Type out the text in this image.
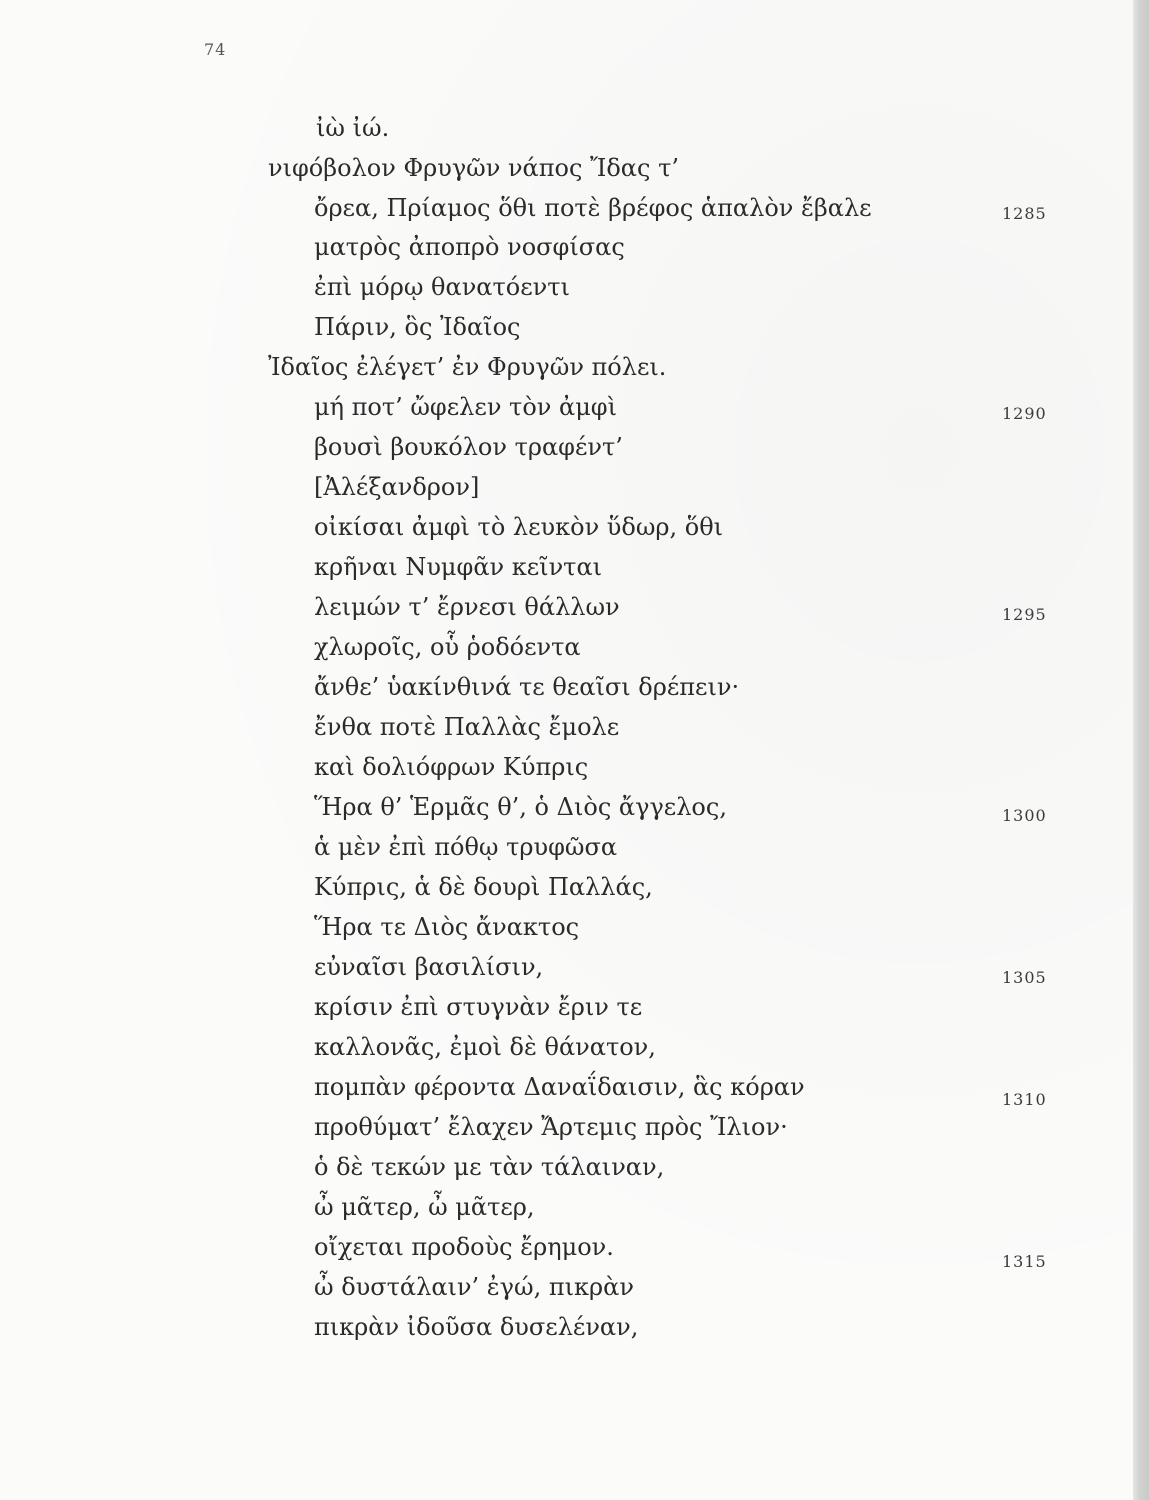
74
ἰὼ ἰώ.
νιφόβολον Φρυγῶν νάπος Ἴδας τ’
ὄρεα, Πρίαμος ὅθι ποτὲ βρέφος ἁπαλὸν ἔβαλε
ματρὸς ἀποπρὸ νοσφίσας
ἐπὶ μόρῳ θανατόεντι
Πάριν, ὃς Ἰδαῖος
Ἰδαῖος ἐλέγετ’ ἐν Φρυγῶν πόλει.
μή ποτ’ ὤφελεν τὸν ἀμφὶ
βουσὶ βουκόλον τραφέντ’
[Ἀλέξανδρον]
οἰκίσαι ἀμφὶ τὸ λευκὸν ὕδωρ, ὅθι
κρῆναι Νυμφᾶν κεῖνται
λειμών τ’ ἔρνεσι θάλλων
χλωροῖς, οὗ ῥοδόεντα
ἄνθε’ ὑακίνθινά τε θεαῖσι δρέπειν·
ἔνθα ποτὲ Παλλὰς ἔμολε
καὶ δολιόφρων Κύπρις
Ἥρα θ’ Ἑρμᾶς θ’, ὁ Διὸς ἄγγελος,
ἁ μὲν ἐπὶ πόθῳ τρυφῶσα
Κύπρις, ἁ δὲ δουρὶ Παλλάς,
Ἥρα τε Διὸς ἄνακτος
εὐναῖσι βασιλίσιν,
κρίσιν ἐπὶ στυγνὰν ἔριν τε
καλλονᾶς, ἐμοὶ δὲ θάνατον,
πομπὰν φέροντα Δαναΐδαισιν, ἃς κόραν
προθύματ’ ἔλαχεν Ἄρτεμις πρὸς Ἴλιον·
ὁ δὲ τεκών με τὰν τάλαιναν,
ὦ μᾶτερ, ὦ μᾶτερ,
οἴχεται προδοὺς ἔρημον.
ὦ δυστάλαιν’ ἐγώ, πικρὰν
πικρὰν ἰδοῦσα δυσελέναν,
1285
1290
1295
1300
1305
1310
1315
